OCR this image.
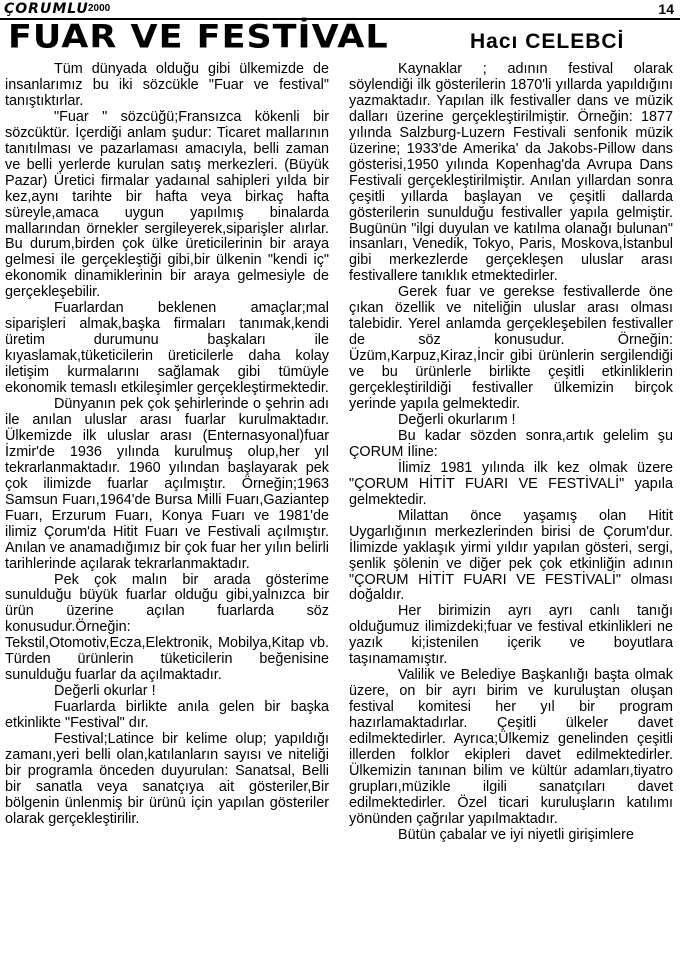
ÇORUMLU 2000	14
FUAR VE FESTİVAL	Hacı CELEBCİ

Tüm dünyada olduğu gibi ülkemizde de insanlarımız bu iki sözcükle "Fuar ve festival" tanıştıktırlar.

"Fuar " sözcüğü;Fransızca kökenli bir sözcüktür. İçerdiği anlam şudur: Ticaret mallarının tanıtılması ve pazarlaması amacıyla, belli zaman ve belli yerlerde kurulan satış merkezleri. (Büyük Pazar) Üretici firmalar yadaınal sahipleri yılda bir kez,aynı tarihte bir hafta veya birkaç hafta süreyle,amaca uygun yapılmış binalarda mallarından örnekler sergileyerek,siparişler alırlar. Bu durum,birden çok ülke üreticilerinin bir araya gelmesi ile gerçekleştiği gibi,bir ülkenin "kendi iç" ekonomik dinamiklerinin bir araya gelmesiyle de gerçekleşebilir.

Fuarlardan beklenen amaçlar;mal siparişleri almak,başka firmaları tanımak,kendi üretim durumunu başkaları ile kıyaslamak,tüketicilerin üreticilerle daha kolay iletişim kurmalarını sağlamak gibi tümüyle ekonomik temaslı etkileşimler gerçekleştirmektedir.

Dünyanın pek çok şehirlerinde o şehrin adı ile anılan uluslar arası fuarlar kurulmaktadır. Ülkemizde ilk uluslar arası (Enternasyonal)fuar İzmir'de 1936 yılında kurulmuş olup,her yıl tekrarlanmaktadır. 1960 yılından başlayarak pek çok ilimizde fuarlar açılmıştır. Örneğin;1963 Samsun Fuarı,1964'de Bursa Milli Fuarı,Gaziantep Fuarı, Erzurum Fuarı, Konya Fuarı ve 1981'de ilimiz Çorum'da Hitit Fuarı ve Festivali açılmıştır. Anılan ve anamadığımız bir çok fuar her yılın belirli tarihlerinde açılarak tekrarlanmaktadır.

Pek çok malın bir arada gösterime sunulduğu büyük fuarlar olduğu gibi,yalnızca bir ürün üzerine açılan fuarlarda söz konusudur.Örneğin: Tekstil,Otomotiv,Ecza,Elektronik, Mobilya,Kitap vb. Türden ürünlerin tüketicilerin beğenisine sunulduğu fuarlar da açılmaktadır.

Değerli okurlar !

Fuarlarda birlikte anıla gelen bir başka etkinlikte "Festival" dır.

Festival;Latince bir kelime olup; yapıldığı zamanı,yeri belli olan,katılanların sayısı ve niteliği bir programla önceden duyurulan: Sanatsal, Belli bir sanatla veya sanatçıya ait gösteriler,Bir bölgenin ünlenmiş bir ürünü için yapılan gösteriler olarak gerçekleştirilir.

Kaynaklar ; adının festival olarak söylendiği ilk gösterilerin 1870'li yıllarda yapıldığını yazmaktadır. Yapılan ilk festivaller dans ve müzik dalları üzerine gerçekleştirilmiştir. Örneğin: 1877 yılında Salzburg-Luzern Festivali senfonik müzik üzerine; 1933'de Amerika' da Jakobs-Pillow dans gösterisi,1950 yılında Kopenhag'da Avrupa Dans Festivali gerçekleştirilmiştir. Anılan yıllardan sonra çeşitli yıllarda başlayan ve çeşitli dallarda gösterilerin sunulduğu festivaller yapıla gelmiştir. Bugünün "ilgi duyulan ve katılma olanağı bulunan" insanları, Venedik, Tokyo, Paris, Moskova,İstanbul gibi merkezlerde gerçekleşen uluslar arası festivallere tanıklık etmektedirler.

Gerek fuar ve gerekse festivallerde öne çıkan özellik ve niteliğin uluslar arası olması talebidir. Yerel anlamda gerçekleşebilen festivaller de söz konusudur. Örneğin: Üzüm,Karpuz,Kiraz,İncir gibi ürünlerin sergilendiği ve bu ürünlerle birlikte çeşitli etkinliklerin gerçekleştirildiği festivaller ülkemizin birçok yerinde yapıla gelmektedir.

Değerli okurlarım !

Bu kadar sözden sonra,artık gelelim şu ÇORUM İline:

İlimiz 1981 yılında ilk kez olmak üzere "ÇORUM HİTİT FUARI VE FESTİVALİ" yapıla gelmektedir.

Milattan önce yaşamış olan Hitit Uygarlığının merkezlerinden birisi de Çorum'dur. İlimizde yaklaşık yirmi yıldır yapılan gösteri, sergi, şenlik şölenin ve diğer pek çok etkinliğin adının "ÇORUM HİTİT FUARI VE FESTİVALİ" olması doğaldır.

Her birimizin ayrı ayrı canlı tanığı olduğumuz ilimizdeki;fuar ve festival etkinlikleri ne yazık ki;istenilen içerik ve boyutlara taşınamamıştır.

Valilik ve Belediye Başkanlığı başta olmak üzere, on bir ayrı birim ve kuruluştan oluşan festival komitesi her yıl bir program hazırlamaktadırlar. Çeşitli ülkeler davet edilmektedirler. Ayrıca;Ülkemiz genelinden çeşitli illerden folklor ekipleri davet edilmektedirler. Ülkemizin tanınan bilim ve kültür adamları,tiyatro grupları,müzikle ilgili sanatçıları davet edilmektedirler. Özel ticari kuruluşların katılımı yönünden çağrılar yapılmaktadır.

Bütün çabalar ve iyi niyetli girişimlere
